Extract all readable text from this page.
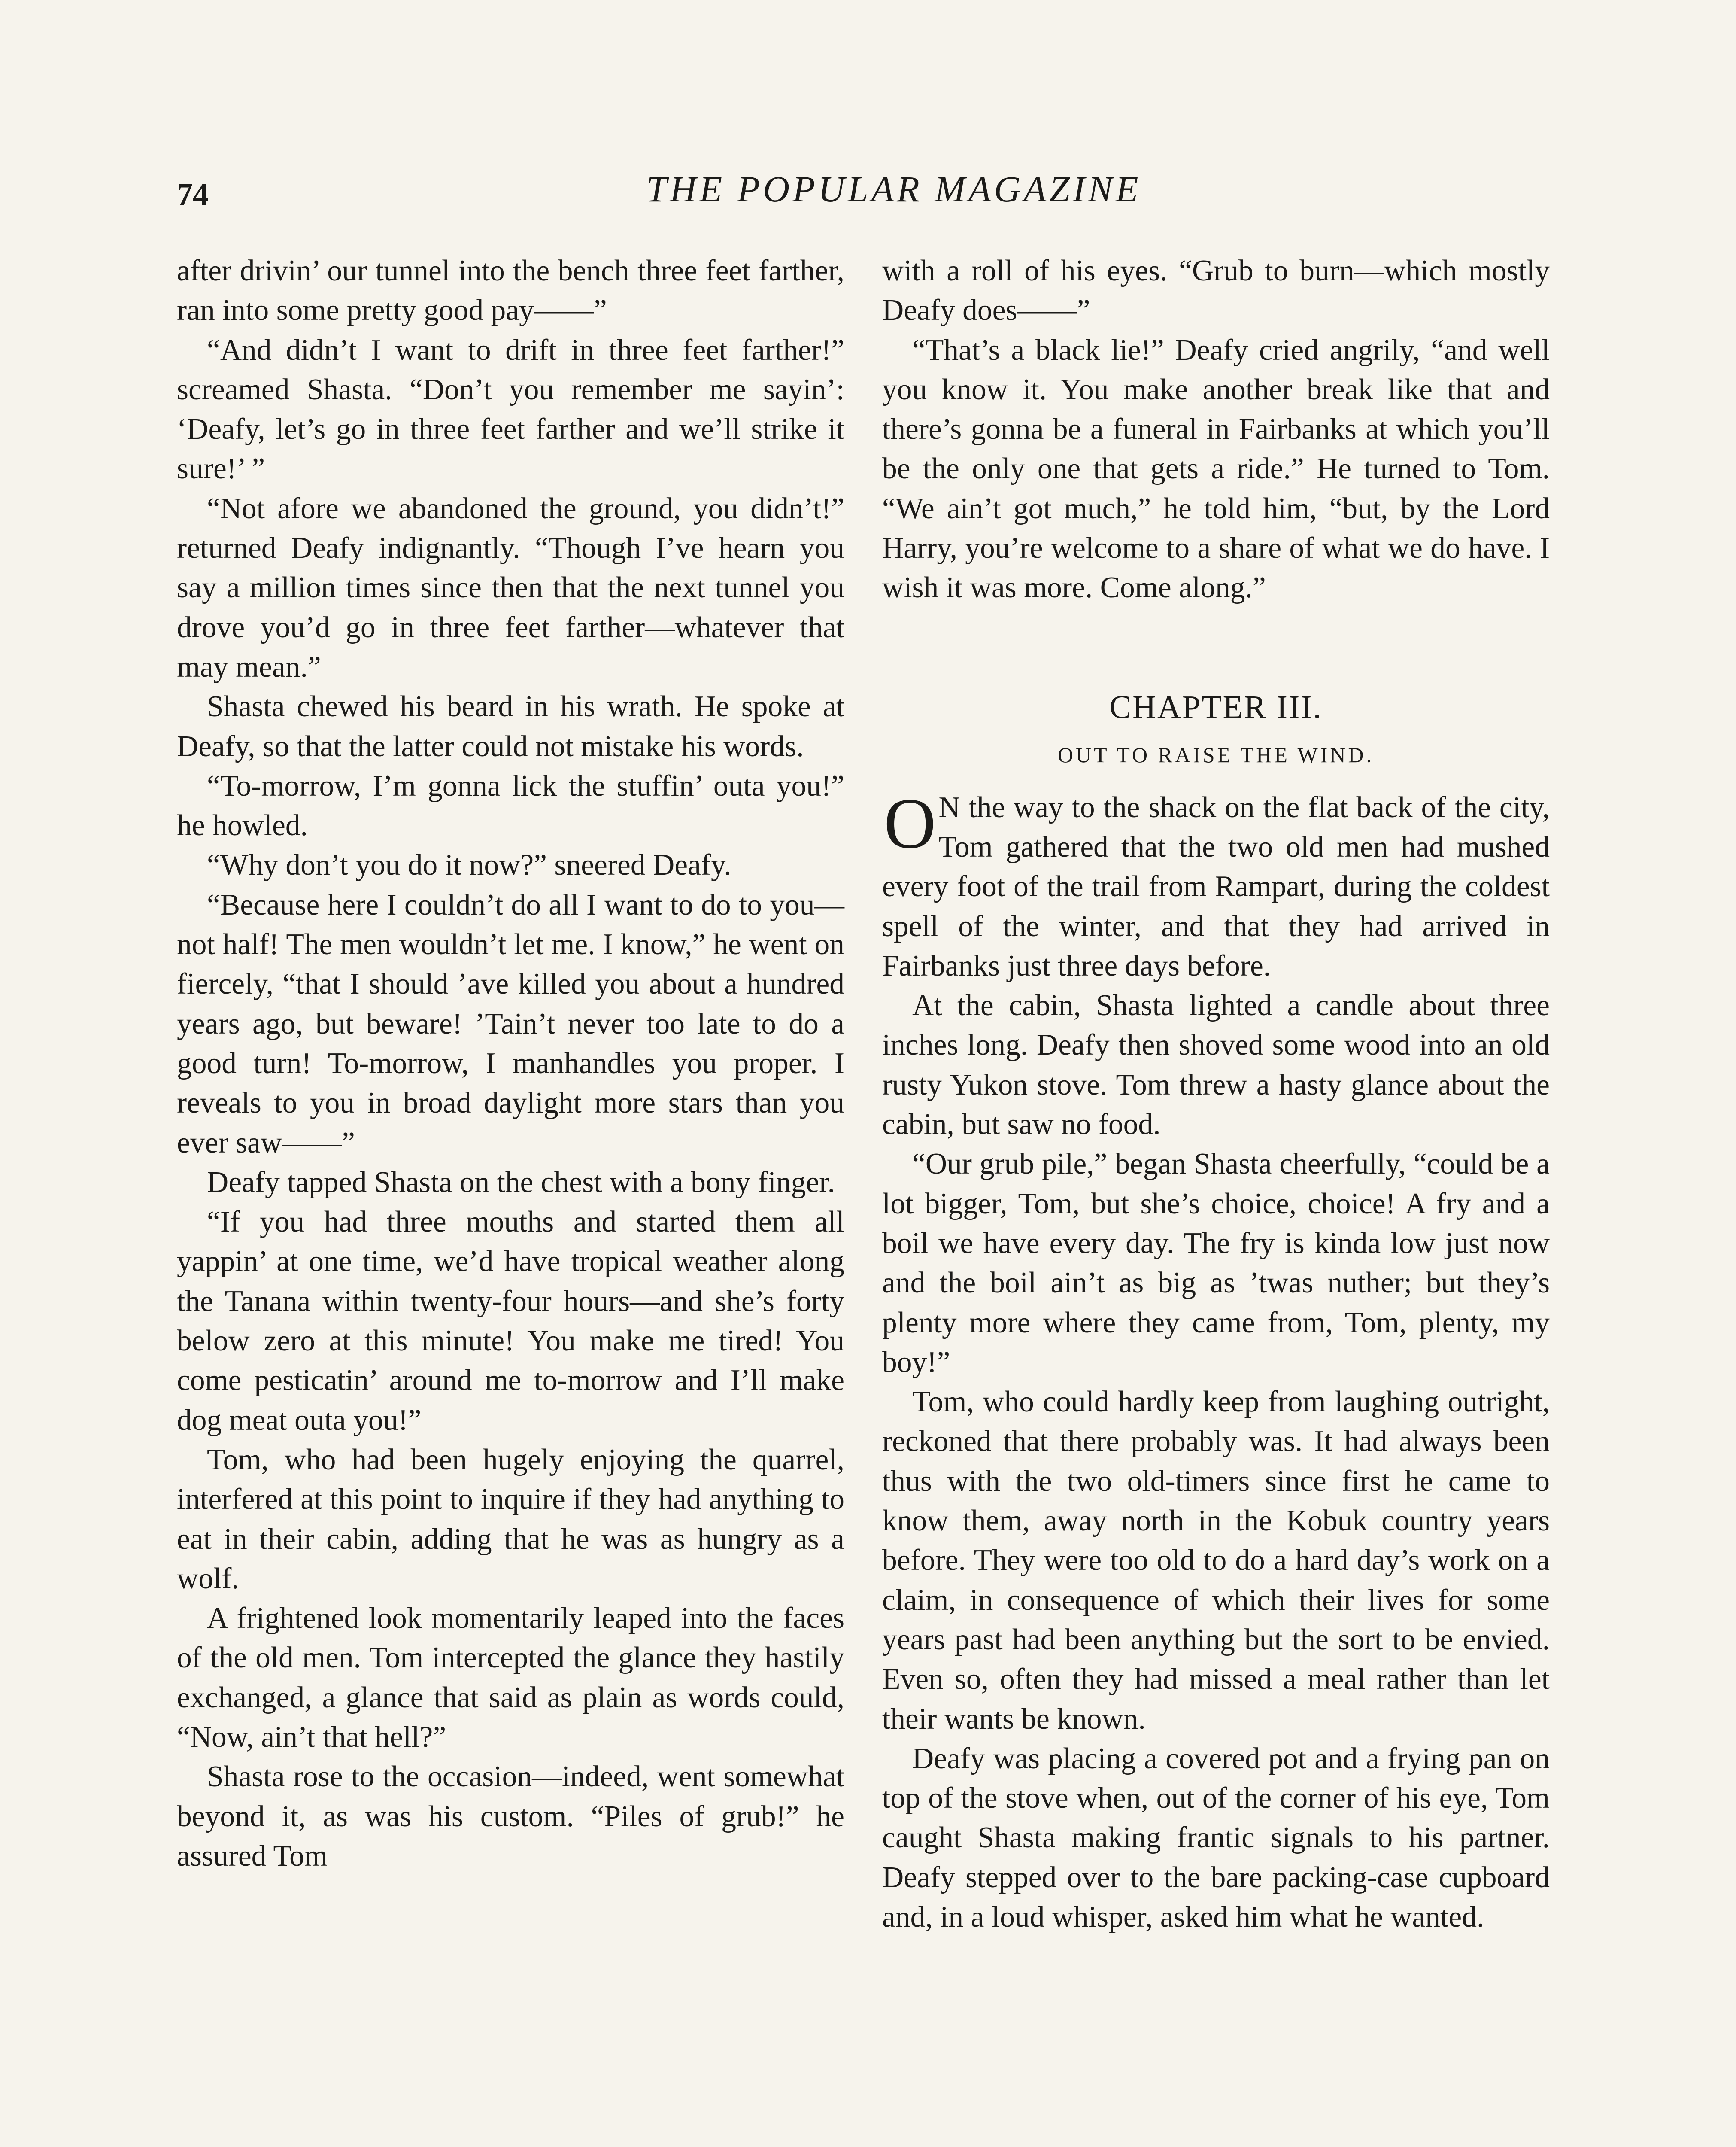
74	THE POPULAR MAGAZINE

after drivin’ our tunnel into the bench three feet farther, ran into some pretty good pay——”

“And didn’t I want to drift in three feet farther!” screamed Shasta. “Don’t you remember me sayin’: ‘Deafy, let’s go in three feet farther and we’ll strike it sure!’ ”

“Not afore we abandoned the ground, you didn’t!” returned Deafy indignantly. “Though I’ve hearn you say a million times since then that the next tunnel you drove you’d go in three feet farther—whatever that may mean.”

Shasta chewed his beard in his wrath. He spoke at Deafy, so that the latter could not mistake his words.

“To-morrow, I’m gonna lick the stuffin’ outa you!” he howled.

“Why don’t you do it now?” sneered Deafy.

“Because here I couldn’t do all I want to do to you—not half! The men wouldn’t let me. I know,” he went on fiercely, “that I should ’ave killed you about a hundred years ago, but beware! ’Tain’t never too late to do a good turn! To-morrow, I manhandles you proper. I reveals to you in broad daylight more stars than you ever saw——”

Deafy tapped Shasta on the chest with a bony finger.

“If you had three mouths and started them all yappin’ at one time, we’d have tropical weather along the Tanana within twenty-four hours—and she’s forty below zero at this minute! You make me tired! You come pesticatin’ around me to-morrow and I’ll make dog meat outa you!”

Tom, who had been hugely enjoying the quarrel, interfered at this point to inquire if they had anything to eat in their cabin, adding that he was as hungry as a wolf.

A frightened look momentarily leaped into the faces of the old men. Tom intercepted the glance they hastily exchanged, a glance that said as plain as words could, “Now, ain’t that hell?”

Shasta rose to the occasion—indeed, went somewhat beyond it, as was his custom. “Piles of grub!” he assured Tom

with a roll of his eyes. “Grub to burn—which mostly Deafy does——”

“That’s a black lie!” Deafy cried angrily, “and well you know it. You make another break like that and there’s gonna be a funeral in Fairbanks at which you’ll be the only one that gets a ride.” He turned to Tom. “We ain’t got much,” he told him, “but, by the Lord Harry, you’re welcome to a share of what we do have. I wish it was more. Come along.”

CHAPTER III.
OUT TO RAISE THE WIND.

O N the way to the shack on the flat back of the city, Tom gathered that the two old men had mushed every foot of the trail from Rampart, during the coldest spell of the winter, and that they had arrived in Fairbanks just three days before.

At the cabin, Shasta lighted a candle about three inches long. Deafy then shoved some wood into an old rusty Yukon stove. Tom threw a hasty glance about the cabin, but saw no food.

“Our grub pile,” began Shasta cheerfully, “could be a lot bigger, Tom, but she’s choice, choice! A fry and a boil we have every day. The fry is kinda low just now and the boil ain’t as big as ’twas nuther; but they’s plenty more where they came from, Tom, plenty, my boy!”

Tom, who could hardly keep from laughing outright, reckoned that there probably was. It had always been thus with the two old-timers since first he came to know them, away north in the Kobuk country years before. They were too old to do a hard day’s work on a claim, in consequence of which their lives for some years past had been anything but the sort to be envied. Even so, often they had missed a meal rather than let their wants be known.

Deafy was placing a covered pot and a frying pan on top of the stove when, out of the corner of his eye, Tom caught Shasta making frantic signals to his partner. Deafy stepped over to the bare packing-case cupboard and, in a loud whisper, asked him what he wanted.
